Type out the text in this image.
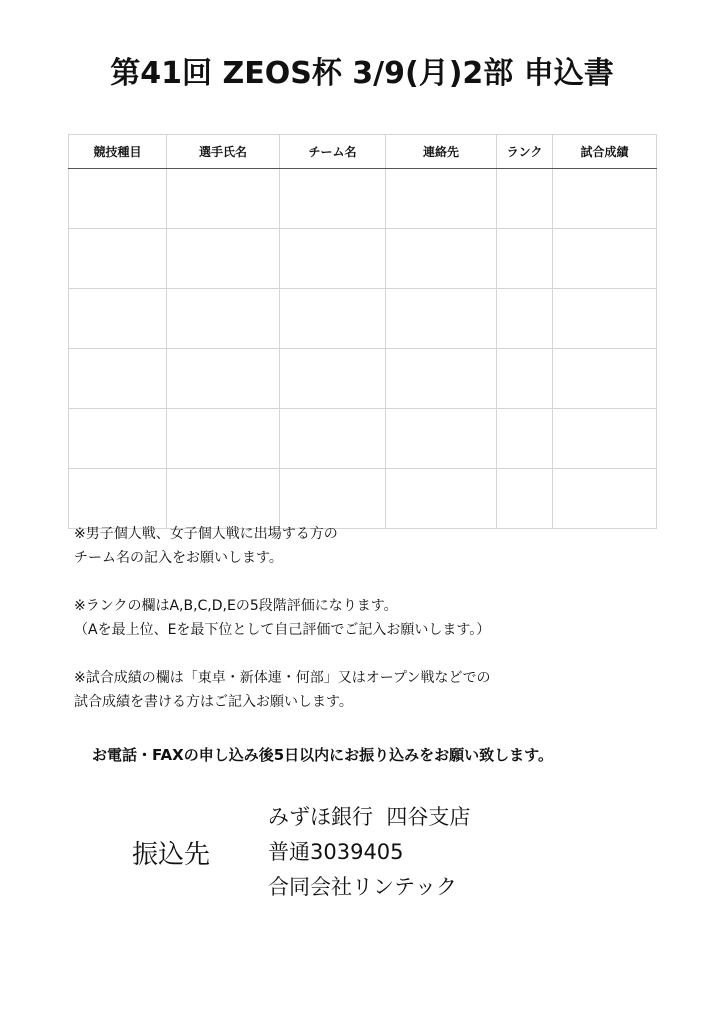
第41回 ZEOS杯 3/9(月)2部 申込書
競技種目	選手氏名	チーム名	連絡先	ランク	試合成績

※男子個人戦、女子個人戦に出場する方の

チーム名の記入をお願いします。

※ランクの欄はA,B,C,D,Eの5段階評価になります。

（Aを最上位、Eを最下位として自己評価でご記入お願いします。）

※試合成績の欄は「東卓・新体連・何部」又はオープン戦などでの

試合成績を書ける方はご記入お願いします。

お電話・FAXの申し込み後5日以内にお振り込みをお願い致します。

振込先

みずほ銀行  四谷支店

普通3039405

合同会社リンテック
